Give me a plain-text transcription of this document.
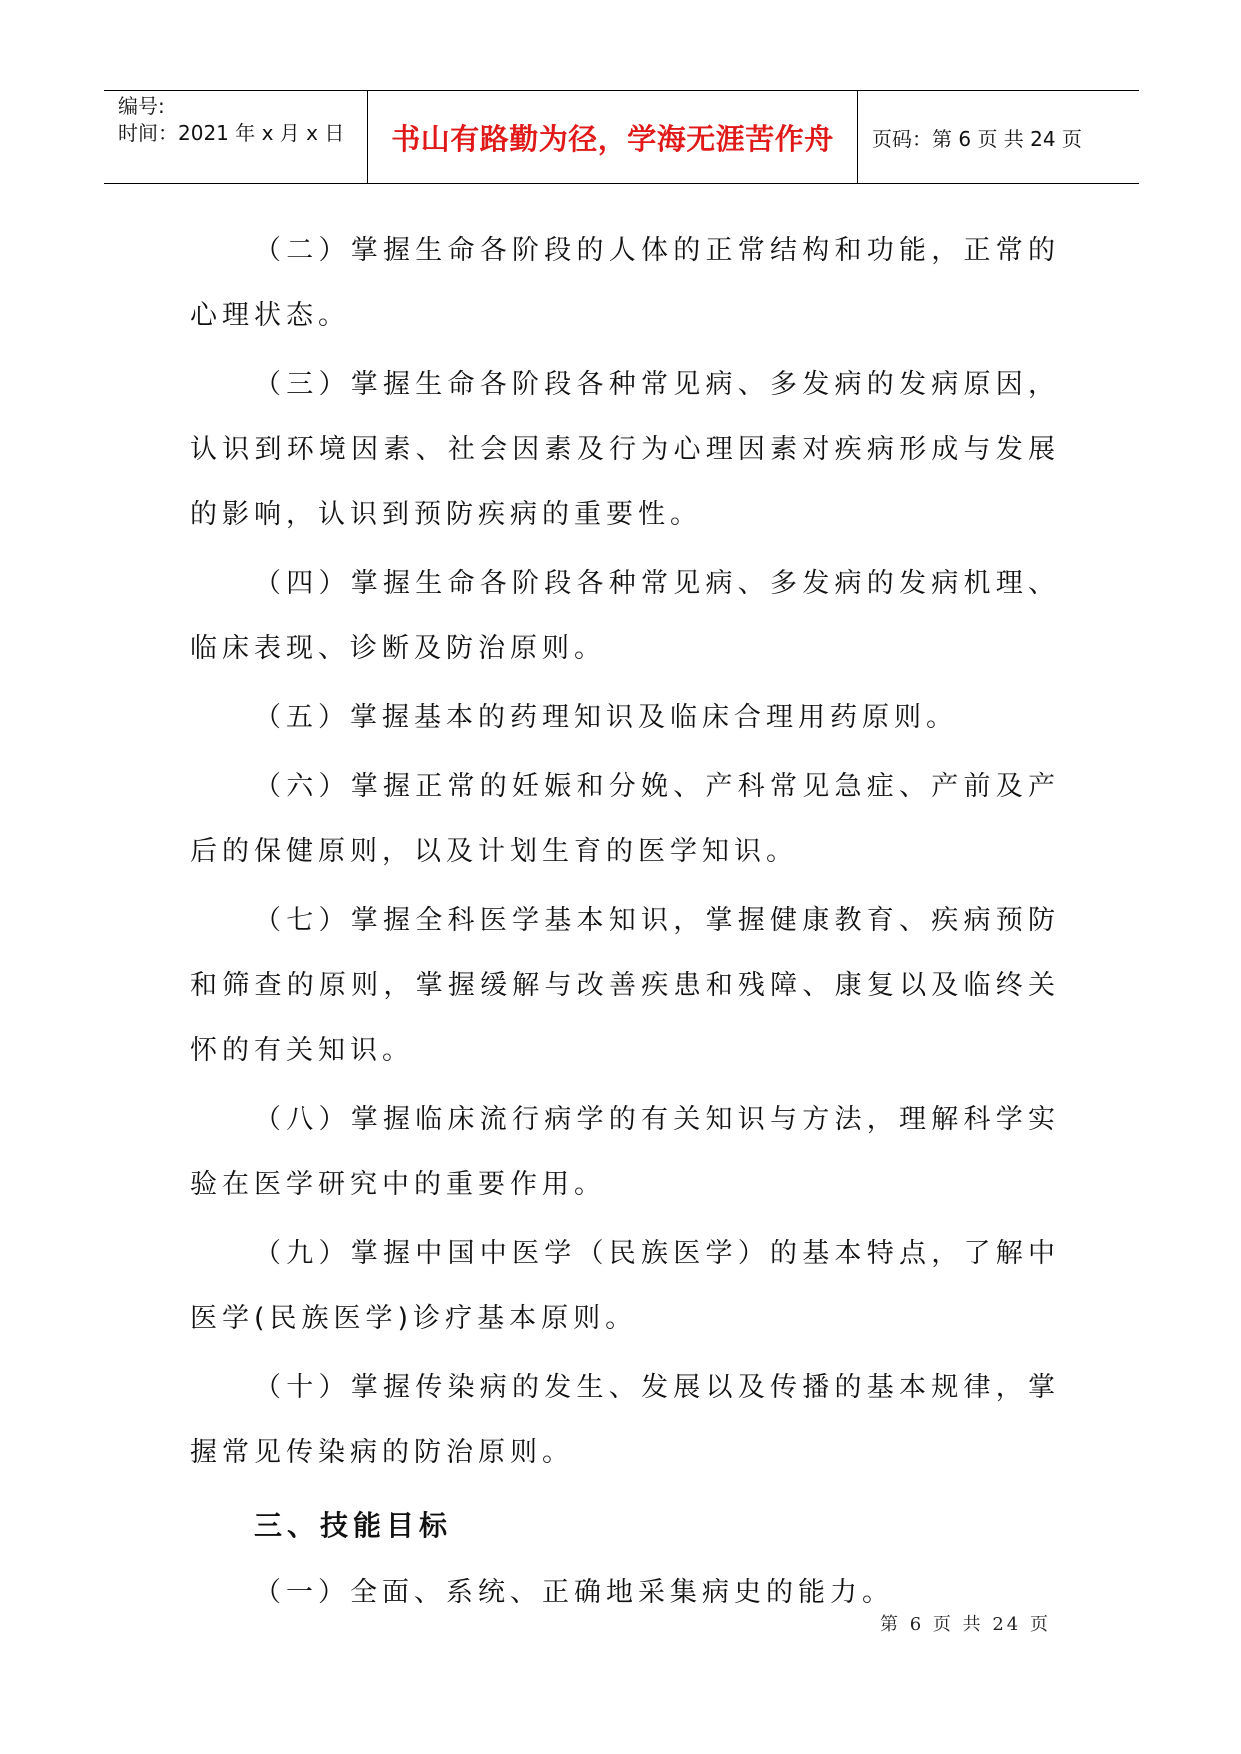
编号:
时间：2021 年 x 月 x 日	书山有路勤为径，学海无涯苦作舟 页码：第 6 页 共 24 页

（二）掌握生命各阶段的人体的正常结构和功能，正常的心理状态。

（三）掌握生命各阶段各种常见病、多发病的发病原因，认识到环境因素、社会因素及行为心理因素对疾病形成与发展的影响，认识到预防疾病的重要性。

（四）掌握生命各阶段各种常见病、多发病的发病机理、临床表现、诊断及防治原则。

（五）掌握基本的药理知识及临床合理用药原则。

（六）掌握正常的妊娠和分娩、产科常见急症、产前及产后的保健原则，以及计划生育的医学知识。

（七）掌握全科医学基本知识，掌握健康教育、疾病预防和筛查的原则，掌握缓解与改善疾患和残障、康复以及临终关怀的有关知识。

（八）掌握临床流行病学的有关知识与方法，理解科学实验在医学研究中的重要作用。

（九）掌握中国中医学（民族医学）的基本特点，了解中医学(民族医学)诊疗基本原则。

（十）掌握传染病的发生、发展以及传播的基本规律，掌握常见传染病的防治原则。

三、技能目标

（一）全面、系统、正确地采集病史的能力。

第 6 页 共 24 页
